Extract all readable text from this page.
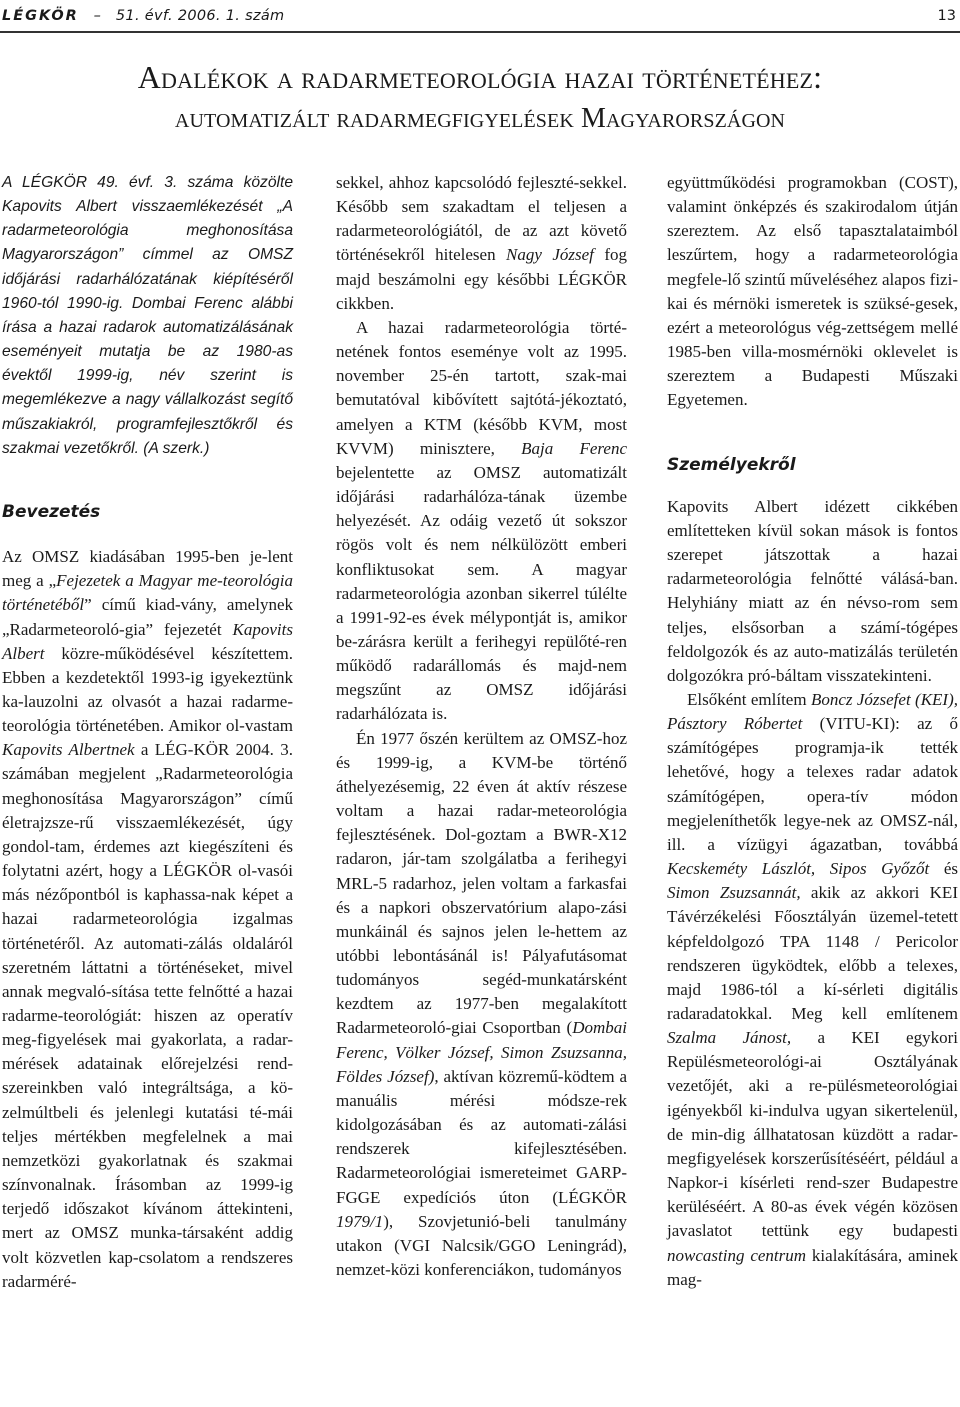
LÉGKÖR   –   51. évf. 2006. 1. szám	13
Adalékok a radarmeteorológia hazai történetéhez:
automatizált radarmegfigyelések Magyarországon

A LÉGKÖR 49. évf. 3. száma közölte Kapovits Albert visszaemlékezését „A radarmeteorológia meghonosítása Magyarországon” címmel az OMSZ időjárási radarhálózatának kiépítéséről 1960-tól 1990-ig. Dombai Ferenc alábbi írása a hazai radarok automatizálásának eseményeit mutatja be az 1980-as évektől 1999-ig, név szerint is megemlékezve a nagy vállalkozást segítő műszakiakról, programfejlesztőkről és szakmai vezetőkről. (A szerk.)

Bevezetés

Az OMSZ kiadásában 1995-ben je-lent meg a „Fejezetek a Magyar me-teorológia történetéből” című kiad-vány, amelynek „Radarmeteoroló-gia” fejezetét Kapovits Albert közre-működésével készítettem. Ebben a kezdetektől 1993-ig igyekeztünk ka-lauzolni az olvasót a hazai radarme-teorológia történetében. Amikor ol-vastam Kapovits Albertnek a LÉG-KÖR 2004. 3. számában megjelent „Radarmeteorológia meghonosítása Magyarországon” című életrajzsze-rű visszaemlékezését, úgy gondol-tam, érdemes azt kiegészíteni és folytatni azért, hogy a LÉGKÖR ol-vasói más nézőpontból is kaphassa-nak képet a hazai radarmeteorológia izgalmas történetéről. Az automati-zálás oldaláról szeretném láttatni a történéseket, mivel annak megvaló-sítása tette felnőtté a hazai radarme-teorológiát: hiszen az operatív meg-figyelések mai gyakorlata, a radar-mérések adatainak előrejelzési rend-szereinkben való integráltsága, a kö-zelmúltbeli és jelenlegi kutatási té-mái teljes mértékben megfelelnek a mai nemzetközi gyakorlatnak és szakmai színvonalnak. Írásomban az 1999-ig terjedő időszakot kívánom áttekinteni, mert az OMSZ munka-társaként addig volt közvetlen kap-csolatom a rendszeres radarméré-

sekkel, ahhoz kapcsolódó fejleszté-sekkel. Később sem szakadtam el teljesen a radarmeteorológiától, de az azt követő történésekről hitelesen Nagy József fog majd beszámolni egy későbbi LÉGKÖR cikkben.

A hazai radarmeteorológia törté-netének fontos eseménye volt az 1995. november 25-én tartott, szak-mai bemutatóval kibővített sajtótá-jékoztató, amelyen a KTM (később KVM, most KVVM) minisztere, Baja Ferenc bejelentette az OMSZ automatizált időjárási radarhálóza-tának üzembe helyezését. Az odáig vezető út sokszor rögös volt és nem nélkülözött emberi konfliktusokat sem. A magyar radarmeteorológia azonban sikerrel túlélte a 1991-92-es évek mélypontját is, amikor be-zárásra került a ferihegyi repülőté-ren működő radarállomás és majd-nem megszűnt az OMSZ időjárási radarhálózata is.

Én 1977 őszén kerültem az OMSZ-hoz és 1999-ig, a KVM-be történő áthelyezésemig, 22 éven át aktív részese voltam a hazai radar-meteorológia fejlesztésének. Dol-goztam a BWR-X12 radaron, jár-tam szolgálatba a ferihegyi MRL-5 radarhoz, jelen voltam a farkasfai és a napkori obszervatórium alapo-zási munkáinál és sajnos jelen le-hettem az utóbbi lebontásánál is! Pályafutásomat tudományos segéd-munkatársként kezdtem az 1977-ben megalakított Radarmeteoroló-giai Csoportban (Dombai Ferenc, Völker József, Simon Zsuzsanna, Földes József), aktívan közremű-ködtem a manuális mérési módsze-rek kidolgozásában és az automati-zálási rendszerek kifejlesztésében. Radarmeteorológiai ismereteimet GARP-FGGE expedíciós úton (LÉGKÖR 1979/1), Szovjetunió-beli tanulmány utakon (VGI Nalcsik/GGO Leningrád), nemzet-közi konferenciákon, tudományos

együttműködési programokban (COST), valamint önképzés és szakirodalom útján szereztem. Az első tapasztalataimból leszűrtem, hogy a radarmeteorológia megfele-lő szintű műveléséhez alapos fizi-kai és mérnöki ismeretek is szüksé-gesek, ezért a meteorológus vég-zettségem mellé 1985-ben villa-mosmérnöki oklevelet is szereztem a Budapesti Műszaki Egyetemen.

Személyekről

Kapovits Albert idézett cikkében említetteken kívül sokan mások is fontos szerepet játszottak a hazai radarmeteorológia felnőtté válásá-ban. Helyhiány miatt az én névso-rom sem teljes, elsősorban a számí-tógépes feldolgozók és az auto-matizálás területén dolgozókra pró-báltam visszatekinteni.

Elsőként említem Boncz Józsefet (KEI), Pásztory Róbertet (VITU-KI): az ő számítógépes programja-ik tették lehetővé, hogy a telexes radar adatok számítógépen, opera-tív módon megjeleníthetők legye-nek az OMSZ-nál, ill. a vízügyi ágazatban, továbbá Kecskeméty Lászlót, Sipos Győzőt és Simon Zsuzsannát, akik az akkori KEI Távérzékelési Főosztályán üzemel-tetett képfeldolgozó TPA 1148 / Pericolor rendszeren ügyködtek, előbb a telexes, majd 1986-tól a kí-sérleti digitális radaradatokkal. Meg kell említenem Szalma Jánost, a KEI egykori Repülésmeteorológi-ai Osztályának vezetőjét, aki a re-pülésmeteorológiai igényekből ki-indulva ugyan sikertelenül, de min-dig állhatatosan küzdött a radar-megfigyelések korszerűsítéséért, például a Napkor-i kísérleti rend-szer Budapestre kerüléséért. A 80-as évek végén közösen javaslatot tettünk egy budapesti nowcasting centrum kialakítására, aminek mag-
